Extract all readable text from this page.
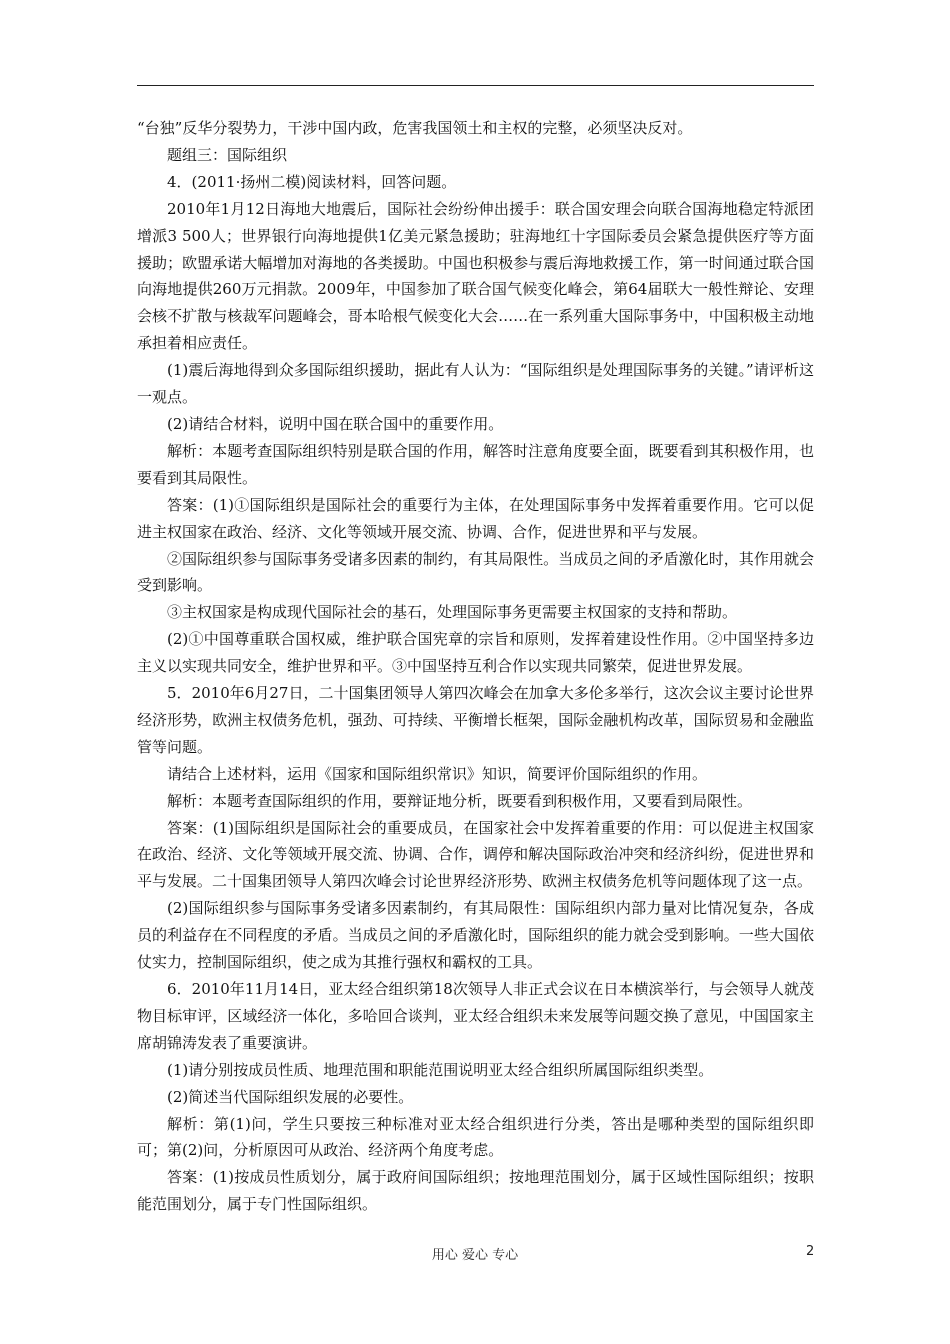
“台独”反华分裂势力，干涉中国内政，危害我国领土和主权的完整，必须坚决反对。

题组三：国际组织

4．(2011·扬州二模)阅读材料，回答问题。

2010年1月12日海地大地震后，国际社会纷纷伸出援手：联合国安理会向联合国海地稳定特派团增派3 500人；世界银行向海地提供1亿美元紧急援助；驻海地红十字国际委员会紧急提供医疗等方面援助；欧盟承诺大幅增加对海地的各类援助。中国也积极参与震后海地救援工作，第一时间通过联合国向海地提供260万元捐款。2009年，中国参加了联合国气候变化峰会，第64届联大一般性辩论、安理会核不扩散与核裁军问题峰会，哥本哈根气候变化大会……在一系列重大国际事务中，中国积极主动地承担着相应责任。

(1)震后海地得到众多国际组织援助，据此有人认为：“国际组织是处理国际事务的关键。”请评析这一观点。

(2)请结合材料，说明中国在联合国中的重要作用。

解析：本题考查国际组织特别是联合国的作用，解答时注意角度要全面，既要看到其积极作用，也要看到其局限性。

答案：(1)①国际组织是国际社会的重要行为主体，在处理国际事务中发挥着重要作用。它可以促进主权国家在政治、经济、文化等领域开展交流、协调、合作，促进世界和平与发展。

②国际组织参与国际事务受诸多因素的制约，有其局限性。当成员之间的矛盾激化时，其作用就会受到影响。

③主权国家是构成现代国际社会的基石，处理国际事务更需要主权国家的支持和帮助。

(2)①中国尊重联合国权威，维护联合国宪章的宗旨和原则，发挥着建设性作用。②中国坚持多边主义以实现共同安全，维护世界和平。③中国坚持互利合作以实现共同繁荣，促进世界发展。

5．2010年6月27日，二十国集团领导人第四次峰会在加拿大多伦多举行，这次会议主要讨论世界经济形势，欧洲主权债务危机，强劲、可持续、平衡增长框架，国际金融机构改革，国际贸易和金融监管等问题。

请结合上述材料，运用《国家和国际组织常识》知识，简要评价国际组织的作用。

解析：本题考查国际组织的作用，要辩证地分析，既要看到积极作用，又要看到局限性。

答案：(1)国际组织是国际社会的重要成员，在国家社会中发挥着重要的作用：可以促进主权国家在政治、经济、文化等领域开展交流、协调、合作，调停和解决国际政治冲突和经济纠纷，促进世界和平与发展。二十国集团领导人第四次峰会讨论世界经济形势、欧洲主权债务危机等问题体现了这一点。

(2)国际组织参与国际事务受诸多因素制约，有其局限性：国际组织内部力量对比情况复杂，各成员的利益存在不同程度的矛盾。当成员之间的矛盾激化时，国际组织的能力就会受到影响。一些大国依仗实力，控制国际组织，使之成为其推行强权和霸权的工具。

6．2010年11月14日，亚太经合组织第18次领导人非正式会议在日本横滨举行，与会领导人就茂物目标审评，区域经济一体化，多哈回合谈判，亚太经合组织未来发展等问题交换了意见，中国国家主席胡锦涛发表了重要演讲。

(1)请分别按成员性质、地理范围和职能范围说明亚太经合组织所属国际组织类型。

(2)简述当代国际组织发展的必要性。

解析：第(1)问，学生只要按三种标准对亚太经合组织进行分类，答出是哪种类型的国际组织即可；第(2)问，分析原因可从政治、经济两个角度考虑。

答案：(1)按成员性质划分，属于政府间国际组织；按地理范围划分，属于区域性国际组织；按职能范围划分，属于专门性国际组织。

用心 爱心 专心	2
